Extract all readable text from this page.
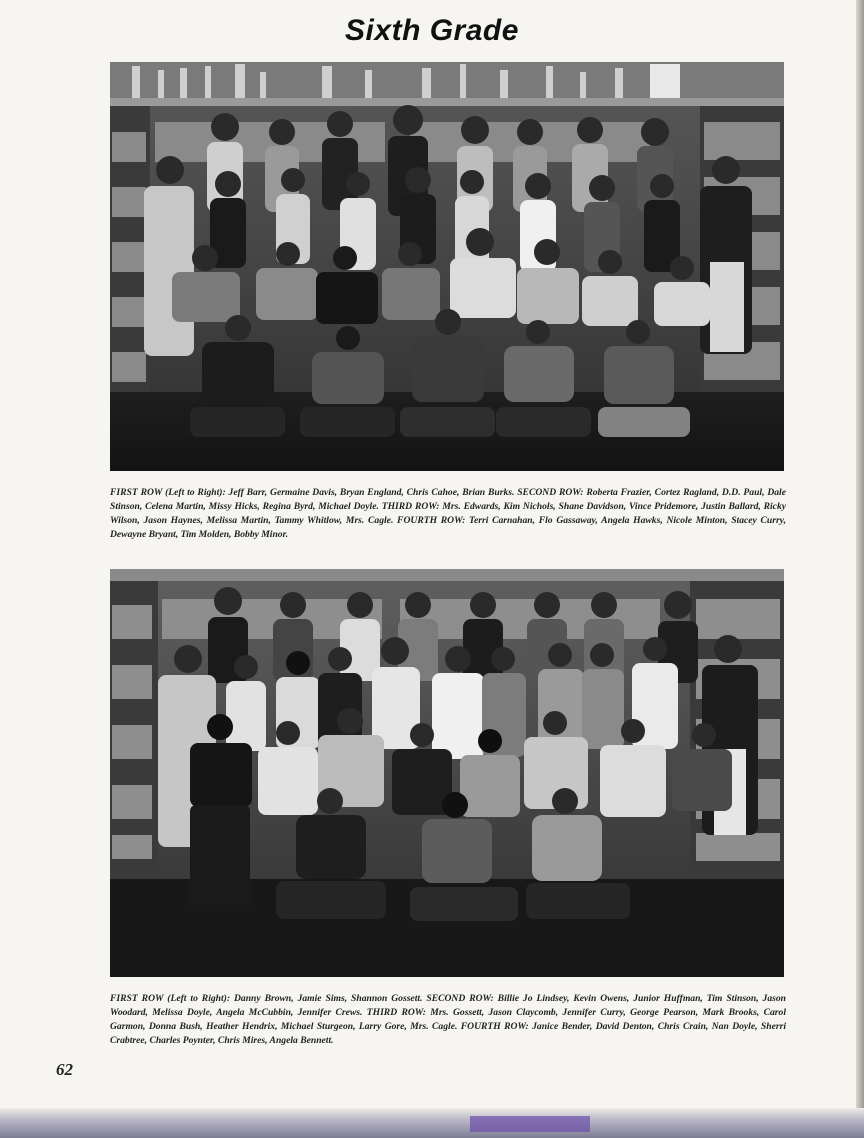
Sixth Grade
FIRST ROW (Left to Right): Jeff Barr, Germaine Davis, Bryan England, Chris Cahoe, Brian Burks. SECOND ROW: Roberta Frazier, Cortez Ragland, D.D. Paul, Dale Stinson, Celena Martin, Missy Hicks, Regina Byrd, Michael Doyle. THIRD ROW: Mrs. Edwards, Kim Nichols, Shane Davidson, Vince Pridemore, Justin Ballard, Ricky Wilson, Jason Haynes, Melissa Martin, Tammy Whitlow, Mrs. Cagle. FOURTH ROW: Terri Carnahan, Flo Gassaway, Angela Hawks, Nicole Minton, Stacey Curry, Dewayne Bryant, Tim Molden, Bobby Minor.
FIRST ROW (Left to Right): Danny Brown, Jamie Sims, Shannon Gossett. SECOND ROW: Billie Jo Lindsey, Kevin Owens, Junior Huffman, Tim Stinson, Jason Woodard, Melissa Doyle, Angela McCubbin, Jennifer Crews. THIRD ROW: Mrs. Gossett, Jason Claycomb, Jennifer Curry, George Pearson, Mark Brooks, Carol Garmon, Donna Bush, Heather Hendrix, Michael Sturgeon, Larry Gore, Mrs. Cagle. FOURTH ROW: Janice Bender, David Denton, Chris Crain, Nan Doyle, Sherri Crabtree, Charles Poynter, Chris Mires, Angela Bennett.
62
